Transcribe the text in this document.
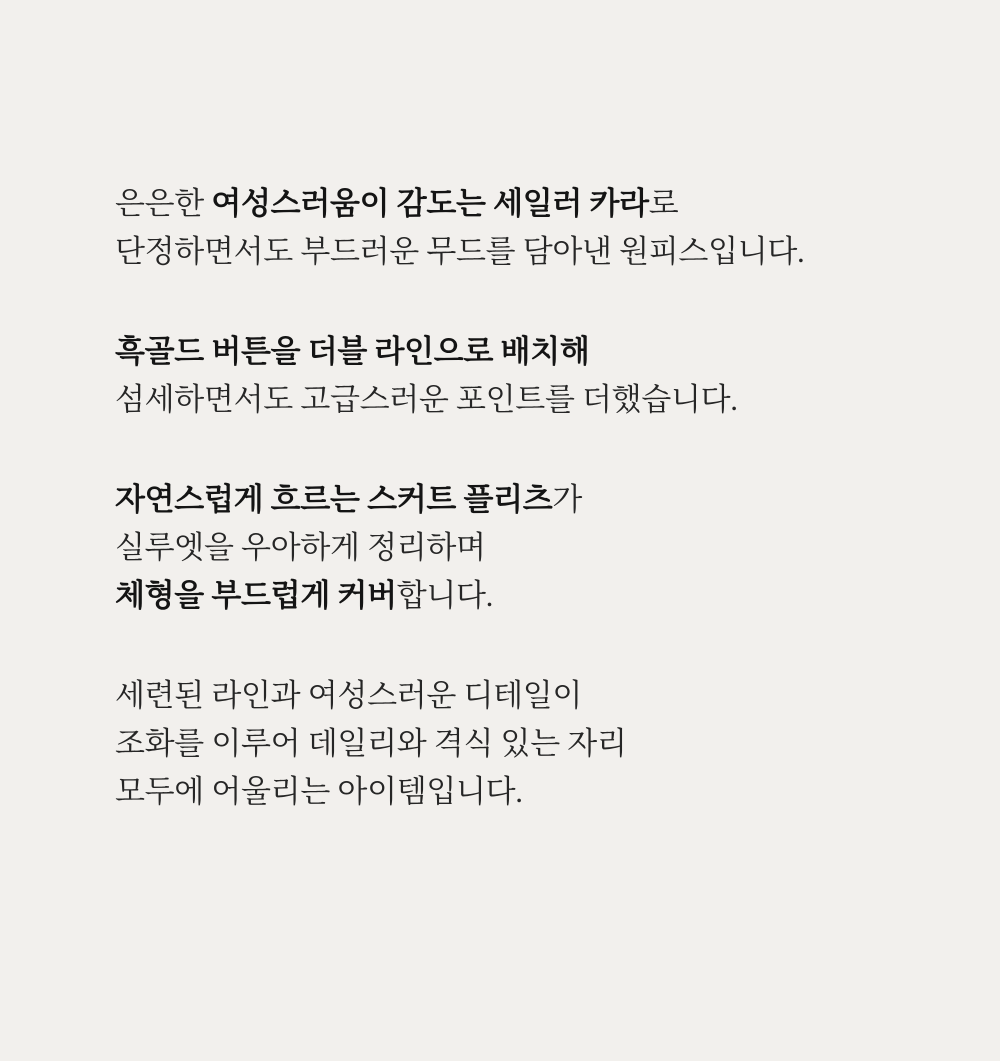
은은한 여성스러움이 감도는 세일러 카라로
단정하면서도 부드러운 무드를 담아낸 원피스입니다.
흑골드 버튼을 더블 라인으로 배치해
섬세하면서도 고급스러운 포인트를 더했습니다.
자연스럽게 흐르는 스커트 플리츠가
실루엣을 우아하게 정리하며
체형을 부드럽게 커버합니다.
세련된 라인과 여성스러운 디테일이
조화를 이루어 데일리와 격식 있는 자리
모두에 어울리는 아이템입니다.
